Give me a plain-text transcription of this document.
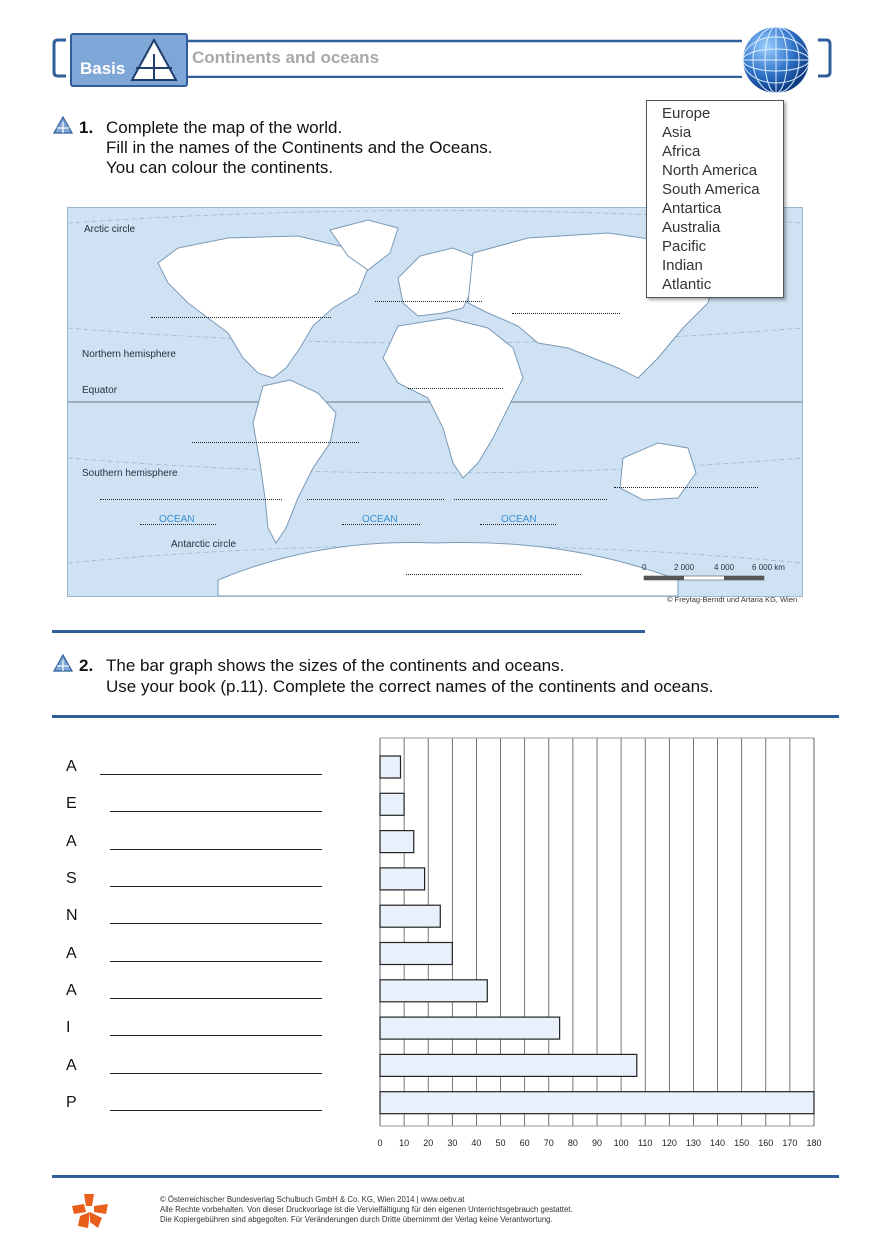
Basis
Continents and oceans
1. Complete the map of the world.
Fill in the names of the Continents and the Oceans.
You can colour the continents.
Europe
Asia
Africa
North America
South America
Antartica
Australia
Pacific
Indian
Atlantic
Arctic circle
Northern hemisphere
Equator
Southern hemisphere
Antarctic circle
OCEAN	OCEAN	OCEAN
0	2 000 4 000 6 000 km
© Freytag-Berndt und Artaria KG, Wien
2. The bar graph shows the sizes of the continents and oceans.
Use your book (p.11). Complete the correct names of the continents and oceans.
A
E
A
S
N
A
A
I
A
P
0 10 20 30 40 50 60 70 80 90 100 110 120 130 140 150 160 170 180
© Österreichischer Bundesverlag Schulbuch GmbH & Co. KG, Wien 2014 | www.oebv.at
Alle Rechte vorbehalten. Von dieser Druckvorlage ist die Vervielfältigung für den eigenen Unterrichtsgebrauch gestattet.
Die Kopiergebühren sind abgegolten. Für Veränderungen durch Dritte übernimmt der Verlag keine Verantwortung.
